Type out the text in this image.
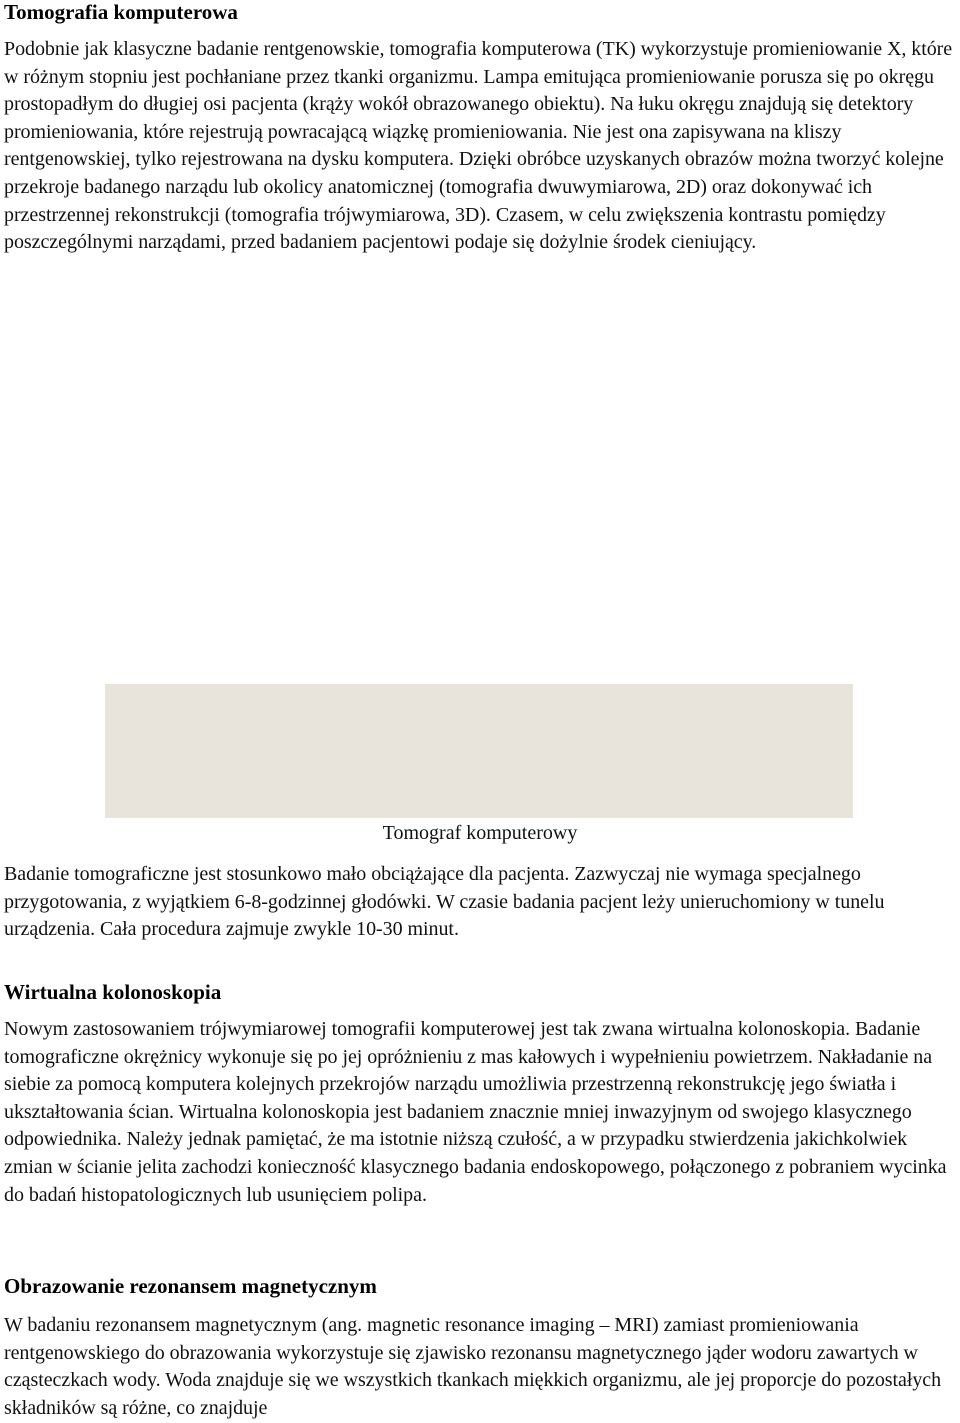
Tomografia komputerowa

Podobnie jak klasyczne badanie rentgenowskie, tomografia komputerowa (TK) wykorzystuje promieniowanie X, które w różnym stopniu jest pochłaniane przez tkanki organizmu. Lampa emitująca promieniowanie porusza się po okręgu prostopadłym do długiej osi pacjenta (krąży wokół obrazowanego obiektu). Na łuku okręgu znajdują się detektory promieniowania, które rejestrują powracającą wiązkę promieniowania. Nie jest ona zapisywana na kliszy rentgenowskiej, tylko rejestrowana na dysku komputera. Dzięki obróbce uzyskanych obrazów można tworzyć kolejne przekroje badanego narządu lub okolicy anatomicznej (tomografia dwuwymiarowa, 2D) oraz dokonywać ich przestrzennej rekonstrukcji (tomografia trójwymiarowa, 3D). Czasem, w celu zwiększenia kontrastu pomiędzy poszczególnymi narządami, przed badaniem pacjentowi podaje się dożylnie środek cieniujący.

Tomograf komputerowy

Badanie tomograficzne jest stosunkowo mało obciążające dla pacjenta. Zazwyczaj nie wymaga specjalnego przygotowania, z wyjątkiem 6-8-godzinnej głodówki. W czasie badania pacjent leży unieruchomiony w tunelu urządzenia. Cała procedura zajmuje zwykle 10-30 minut.

Wirtualna kolonoskopia

Nowym zastosowaniem trójwymiarowej tomografii komputerowej jest tak zwana wirtualna kolonoskopia. Badanie tomograficzne okrężnicy wykonuje się po jej opróżnieniu z mas kałowych i wypełnieniu powietrzem. Nakładanie na siebie za pomocą komputera kolejnych przekrojów narządu umożliwia przestrzenną rekonstrukcję jego światła i ukształtowania ścian. Wirtualna kolonoskopia jest badaniem znacznie mniej inwazyjnym od swojego klasycznego odpowiednika. Należy jednak pamiętać, że ma istotnie niższą czułość, a w przypadku stwierdzenia jakichkolwiek zmian w ścianie jelita zachodzi konieczność klasycznego badania endoskopowego, połączonego z pobraniem wycinka do badań histopatologicznych lub usunięciem polipa.

Obrazowanie rezonansem magnetycznym

W badaniu rezonansem magnetycznym (ang. magnetic resonance imaging – MRI) zamiast promieniowania rentgenowskiego do obrazowania wykorzystuje się zjawisko rezonansu magnetycznego jąder wodoru zawartych w cząsteczkach wody. Woda znajduje się we wszystkich tkankach miękkich organizmu, ale jej proporcje do pozostałych składników są różne, co znajduje
